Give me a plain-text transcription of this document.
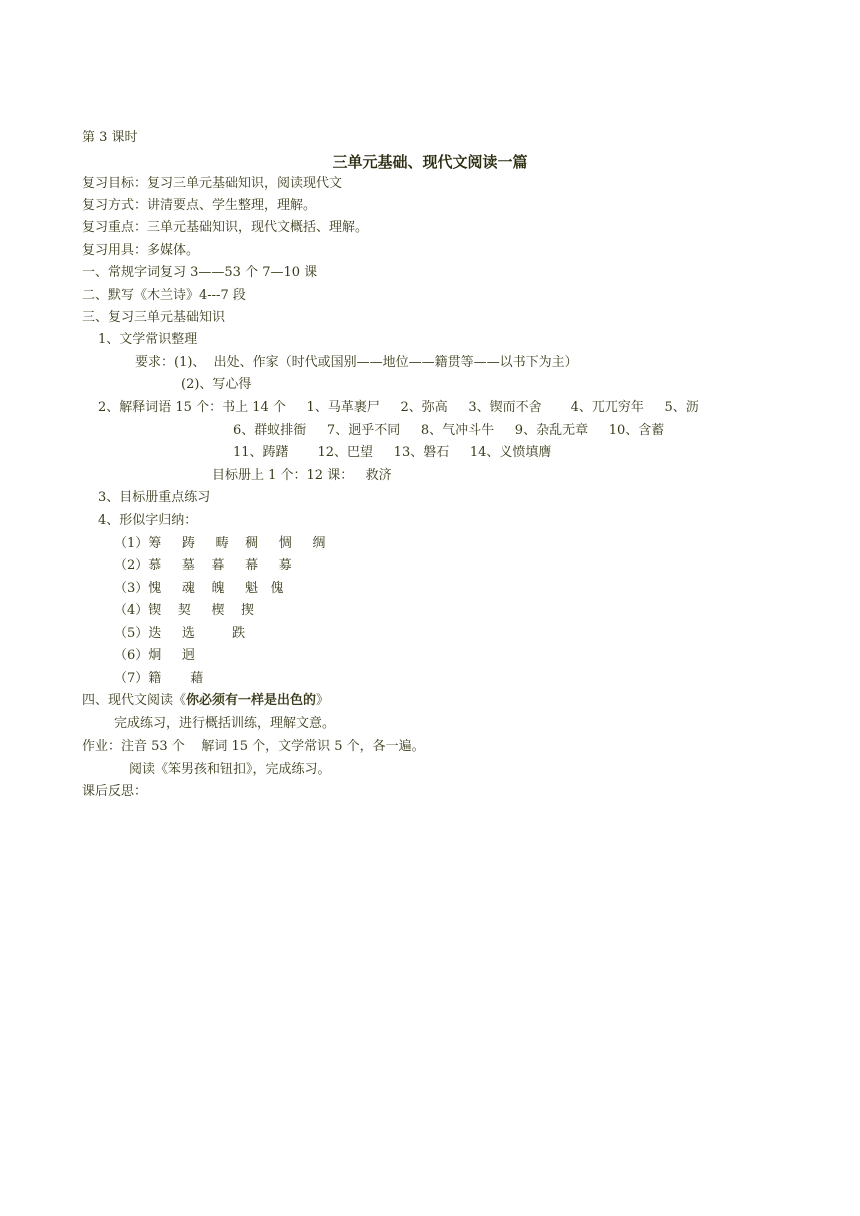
第 3 课时
三单元基础、现代文阅读一篇
复习目标：复习三单元基础知识，阅读现代文
复习方式：讲清要点、学生整理，理解。
复习重点：三单元基础知识，现代文概括、理解。
复习用具：多媒体。
一、常规字词复习 3——53 个 7—10 课
二、默写《木兰诗》4---7 段
三、复习三单元基础知识
1、文学常识整理
要求：(1)、  出处、作家（时代或国别——地位——籍贯等——以书下为主）
(2)、写心得
2、解释词语 15 个：书上 14 个     1、马革裹尸     2、弥高     3、锲而不舍       4、兀兀穷年     5、沥
6、群蚁排衙     7、迥乎不同     8、气冲斗牛     9、杂乱无章     10、含蓄
11、踌躇       12、巴望     13、磐石     14、义愤填膺
目标册上 1 个：12 课：   救济
3、目标册重点练习
4、形似字归纳：
（1）筹     踌     畴    稠     惆     绸
（2）慕     墓    暮     幕     募
（3）愧     魂    魄     魁   傀
（4）锲    契     楔    揳
（5）迭     选         跌
（6）炯     迥
（7）籍       藉
四、现代文阅读《你必须有一样是出色的》
完成练习，进行概括训练，理解文意。
作业：注音 53 个    解词 15 个，文学常识 5 个，各一遍。
阅读《笨男孩和钮扣》，完成练习。
课后反思：
